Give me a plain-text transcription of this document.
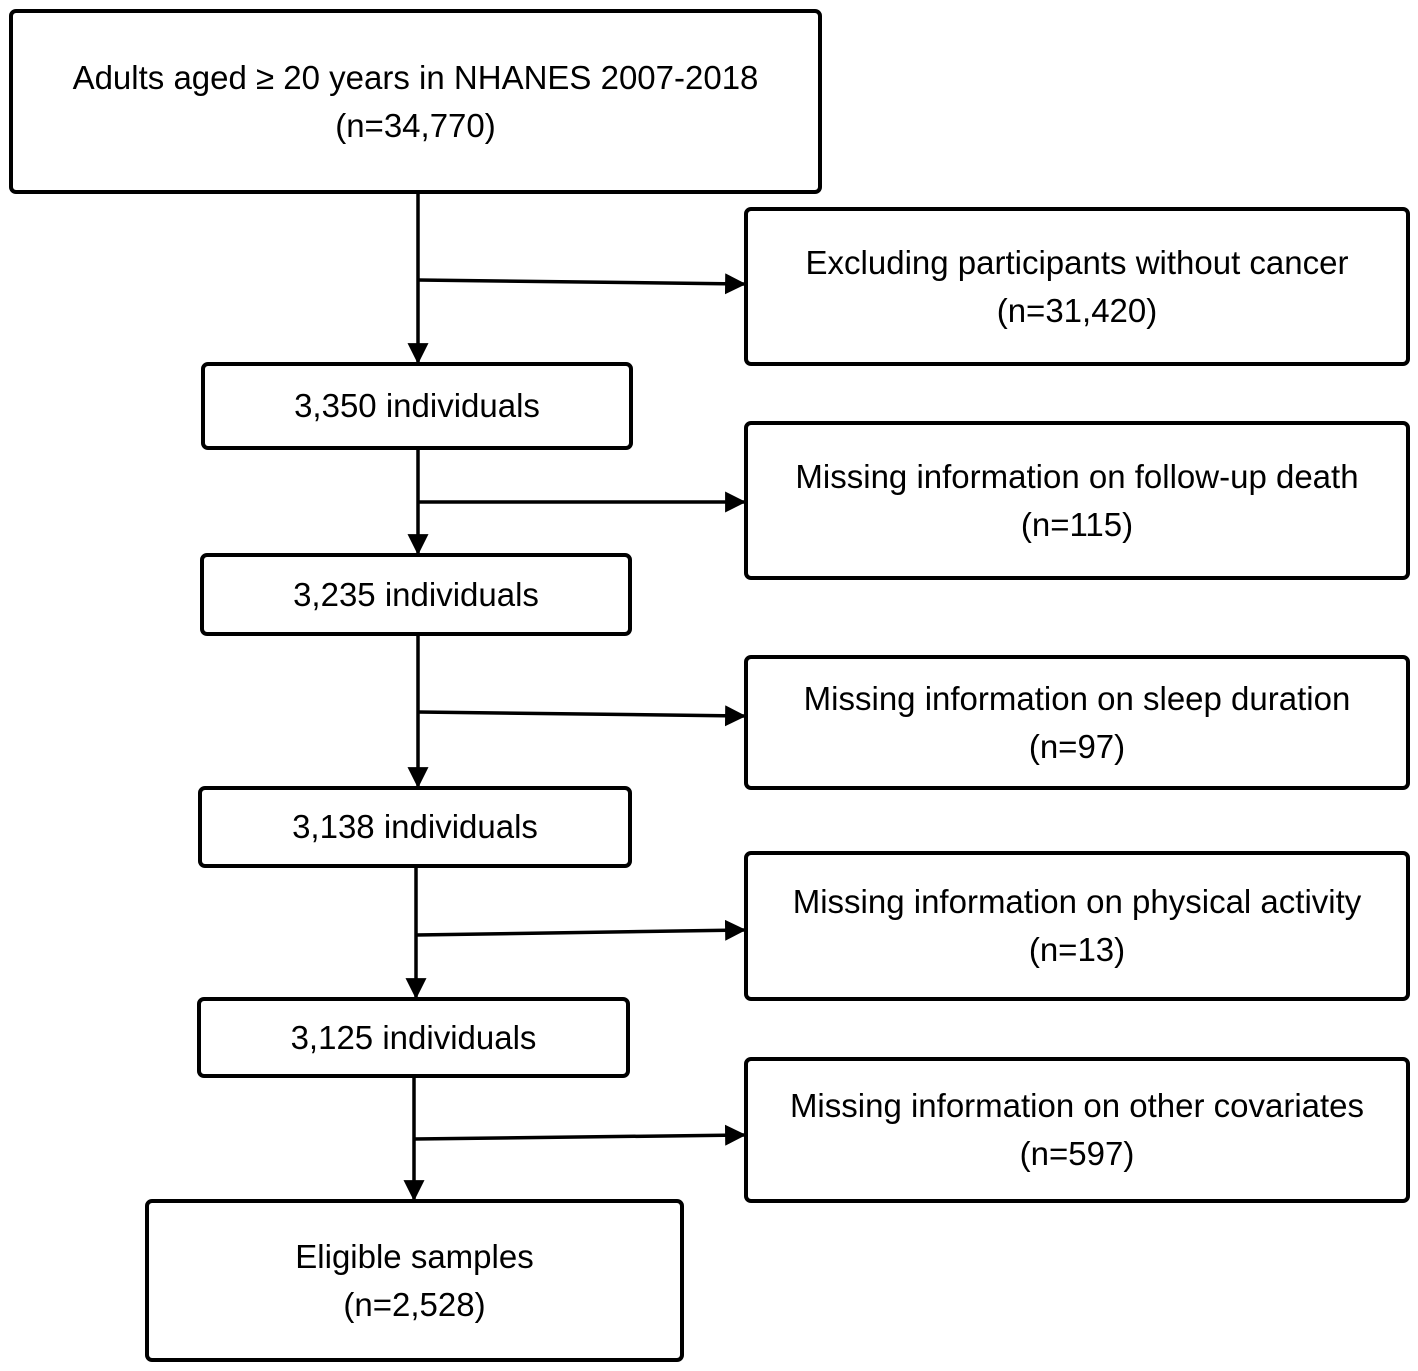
Adults aged ≥ 20 years in NHANES 2007-2018
(n=34,770)
3,350 individuals
3,235 individuals
3,138 individuals
3,125 individuals
Eligible samples
(n=2,528)
Excluding participants without cancer
(n=31,420)
Missing information on follow-up death
(n=115)
Missing information on sleep duration
(n=97)
Missing information on physical activity
(n=13)
Missing information on other covariates
(n=597)
